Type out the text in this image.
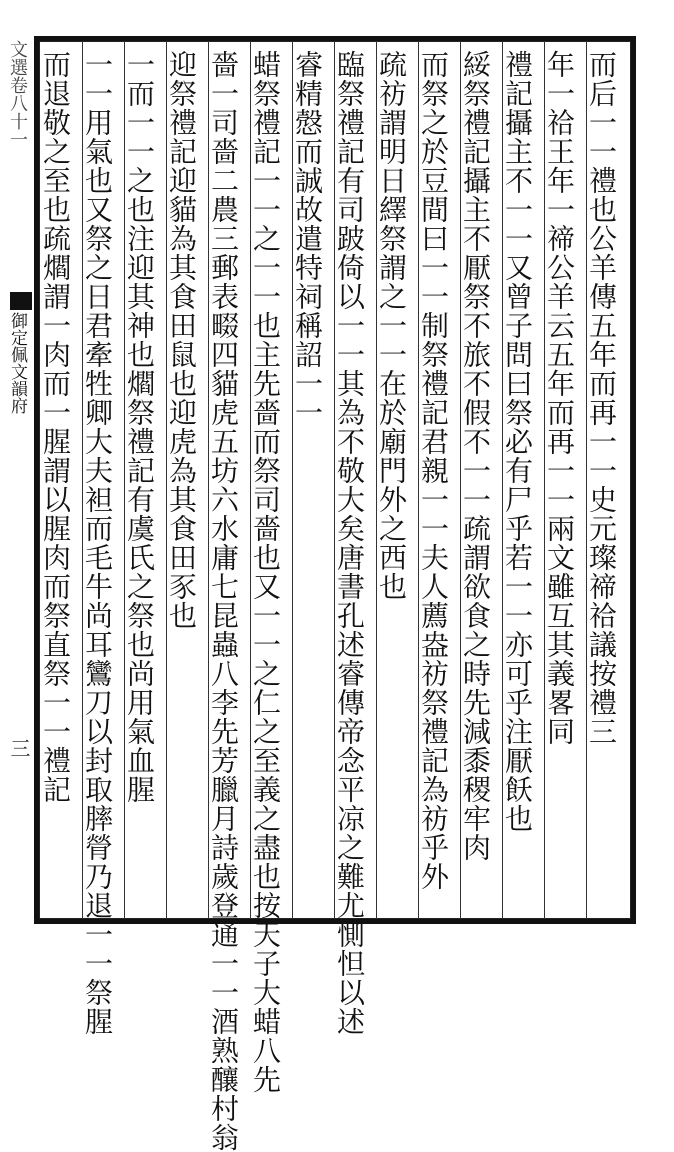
文選卷八十一
御定佩文韻府
三
而后一一禮也公羊傳五年而再一一史元璨禘祫議按禮三
年一祫王年一禘公羊云五年而再一一兩文雖互其義畧同
禮記攝主不一一又曾子問曰祭必有尸乎若一一亦可乎注厭飫也
綏祭禮記攝主不厭祭不旅不假不一一疏謂欲食之時先減黍稷牢肉
而祭之於豆間曰一一制祭禮記君親一一夫人薦盎祊祭禮記為祊乎外
疏祊謂明日繹祭謂之一一在於廟門外之西也
臨祭禮記有司跛倚以一一其為不敬大矣唐書孔述睿傳帝念平凉之難尤惻怛以述
睿精慤而誠故遣特祠稱詔一一
蜡祭禮記一一之一一也主先嗇而祭司嗇也又一一之仁之至義之盡也按天子大蜡八先
嗇一司嗇二農三郵表畷四貓虎五坊六水庸七昆蟲八李先芳臘月詩歲登通一一酒熟釀村翁
迎祭禮記迎貓為其食田鼠也迎虎為其食田豕也
一而一一之也注迎其神也爓祭禮記有虞氏之祭也尚用氣血腥
一一用氣也又祭之日君牽牲卿大夫袒而毛牛尚耳鸞刀以封取膟膋乃退一一祭腥
而退敬之至也疏爓謂一肉而一腥謂以腥肉而祭直祭一一禮記
